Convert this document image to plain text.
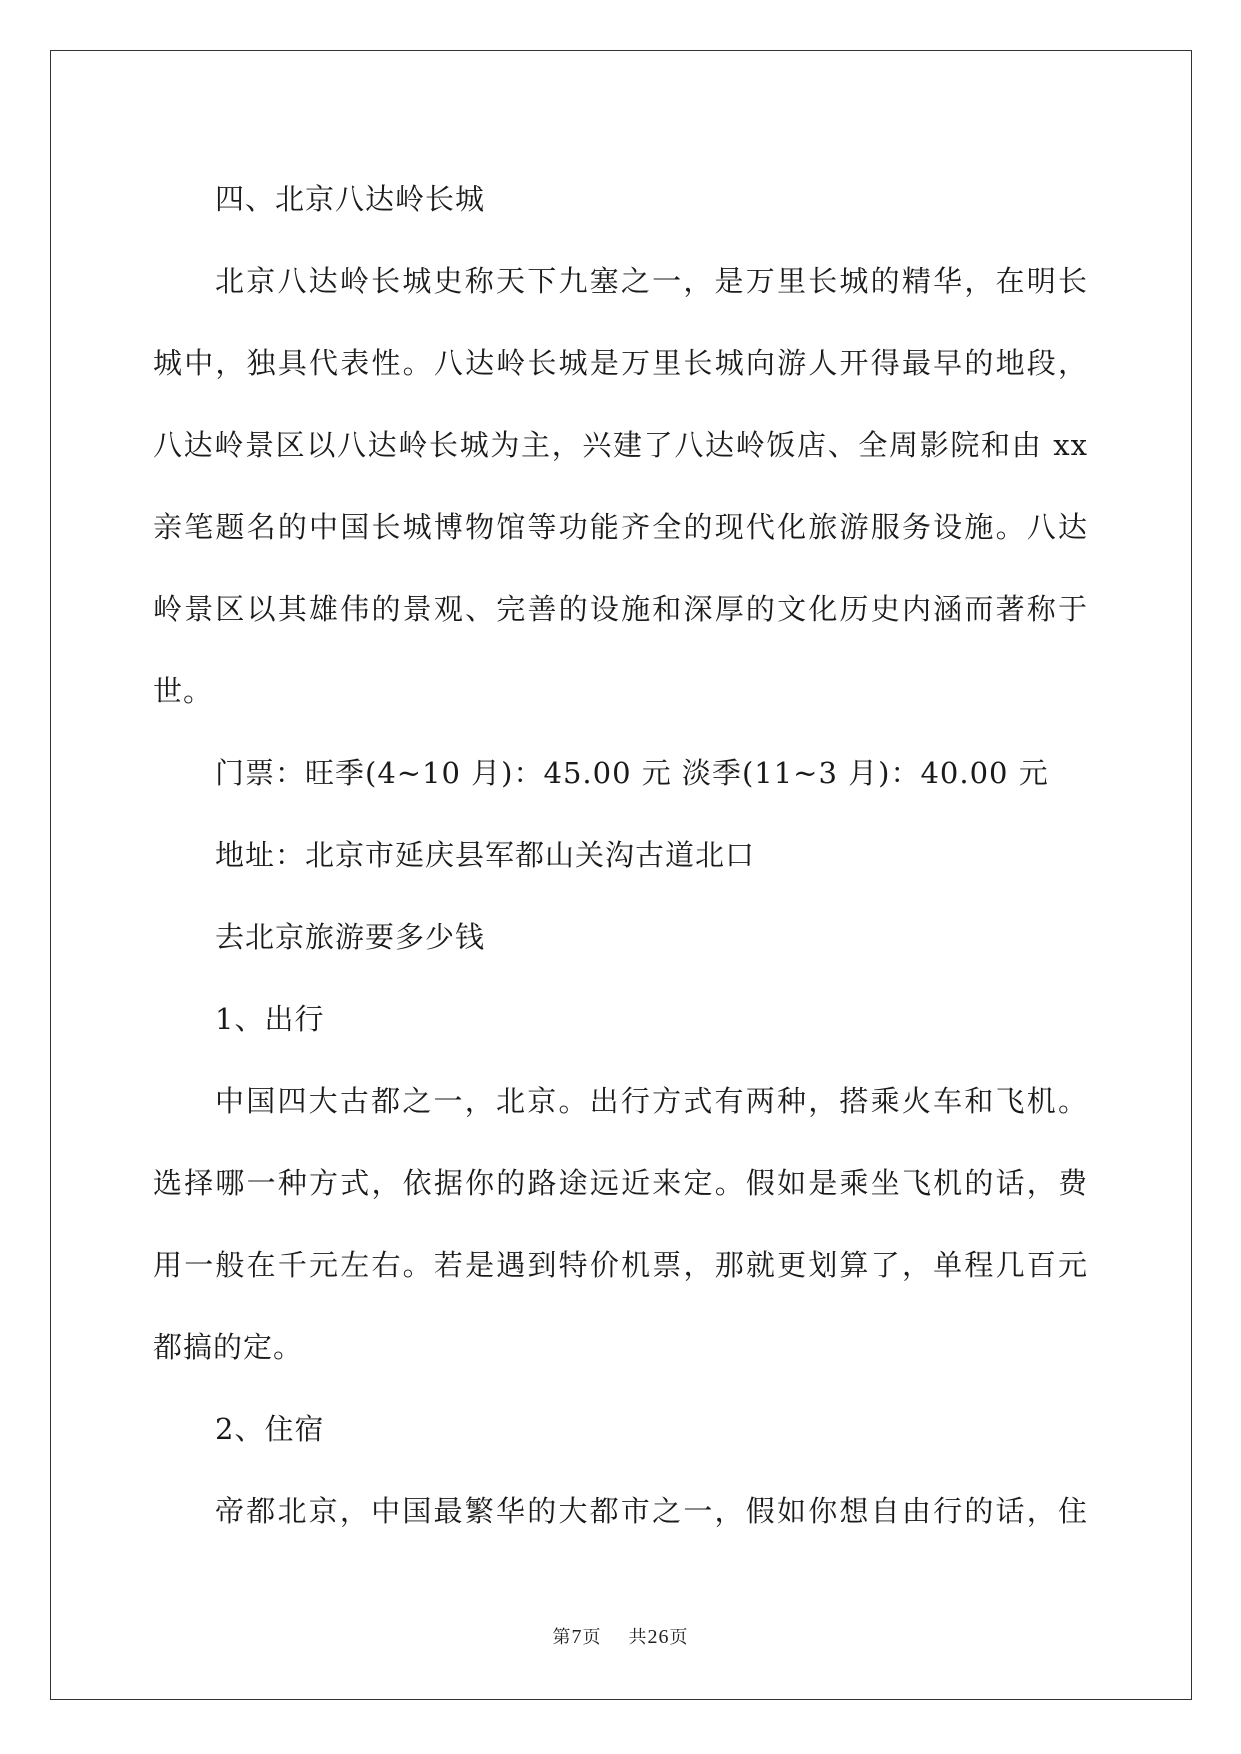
四、北京八达岭长城
北京八达岭长城史称天下九塞之一，是万里长城的精华，在明长
城中，独具代表性。八达岭长城是万里长城向游人开得最早的地段，
八达岭景区以八达岭长城为主，兴建了八达岭饭店、全周影院和由 xx
亲笔题名的中国长城博物馆等功能齐全的现代化旅游服务设施。八达
岭景区以其雄伟的景观、完善的设施和深厚的文化历史内涵而著称于
世。
门票：旺季(4~10 月)：45.00 元 淡季(11~3 月)：40.00 元
地址：北京市延庆县军都山关沟古道北口
去北京旅游要多少钱
1、出行
中国四大古都之一，北京。出行方式有两种，搭乘火车和飞机。
选择哪一种方式，依据你的路途远近来定。假如是乘坐飞机的话，费
用一般在千元左右。若是遇到特价机票，那就更划算了，单程几百元
都搞的定。
2、住宿
帝都北京，中国最繁华的大都市之一，假如你想自由行的话，住
第7页 共26页
